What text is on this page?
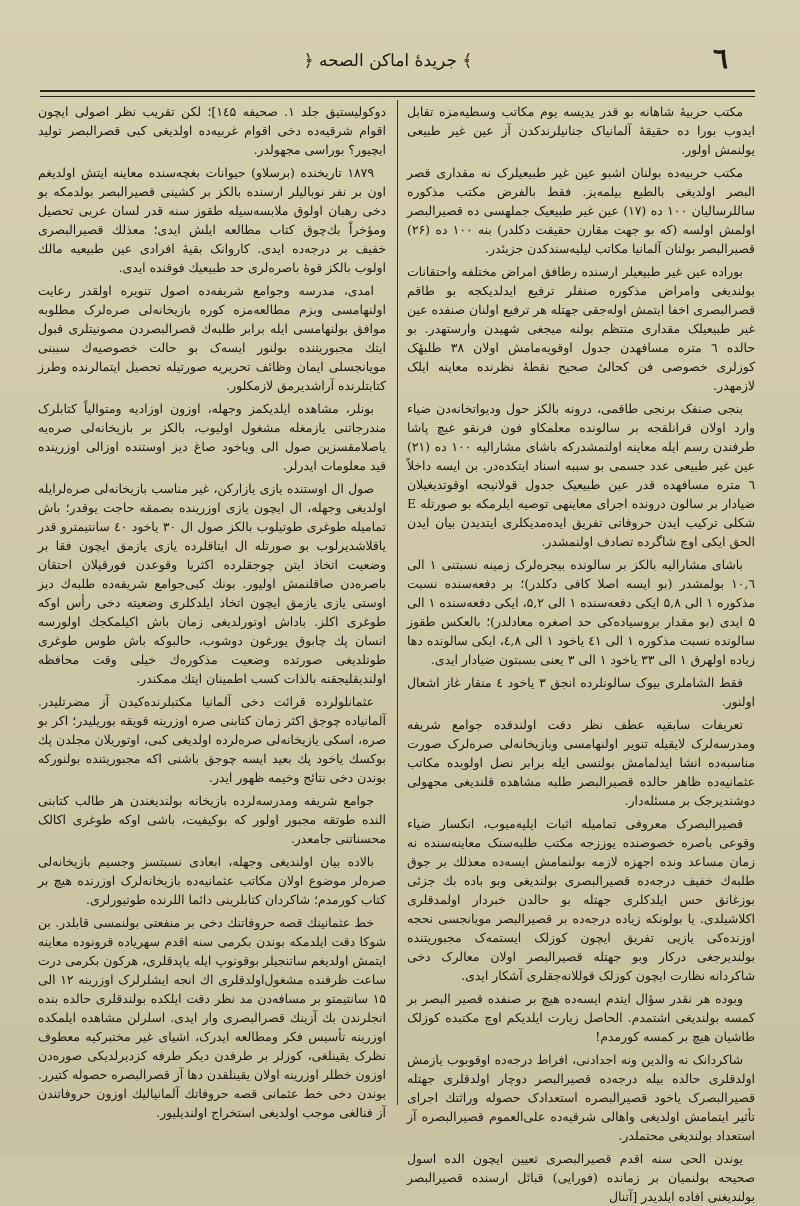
٦
﴿ جريدهٔ اماکن الصحه ﴾

مکتب حربیهٔ شاهانه بو قدر یدیسه یوم مکاتب وسطیه‌مزه تقابل ایدوب بورا ده حقیقهٔ آلمانیاک جنانیلرندکدن آز عین غیر طبیعی یولنمش اولور.

مکتب حربیه‌ده بولنان اشبو عین غیر طبیعیلرک نه مقداری قصر البصر اولدیغی بالطبع بیلمه‌یز. فقط بالفرض مکتب مذکوره ساللرسالیان ۱۰۰ ده (۱۷) عین غیر طبیعیک جملهسی ده قصیرالبصر اولمش اولسه (که بو جهت مقارن حقیقت دکلدر) بنه ۱۰۰ ده (۲۶) قصیرالبصر بولنان آلمانیا مکاتب لیلیه‌سندکدن جزیئدر.

بوراده عین غیر طبیعیلر ارسنده رطافق امراض مختلفه واحتقانات بولندیغی وامراض مذکوره صنفلر ترفیع ایدلدیکجه بو طاقم قصرالبصری اخفا ایتمش اوله‌جقی جهتله هر ترفیع اولنان صنفده عین غیر طبیعیلک مقداری منتظم بولنه میجغی شهیدن وارستهدر. بو حالده ٦ متره مسافهدن جدول اوقویه‌مامش اولان ۳۸ طلبهٔک کوزلری خصوصی فن کحالیٔ صحیح نقطهٔ نظرنده معاینه ایلک لازمهدر.

بنجی صنفک برنجی طاقمی، درونه بالکز حول ودیواتخانه‌دن ضیاء وارد اولان قرانلقجه بر سالونده معلمکاو فون فرنقو غیچ پاشا طرفندن رسم ایله معاینه اولنمشدرکه باشای مشارالیه ۱۰۰ ده (۲۱) عین غیر طبیعی عدد جسمی بو سببه اسناد ایتکده‌در. بن ایسه داخلاً ٦ متره مسافهده قدر عین طبیعیک جدول قولانیجه اوقوتدیغیلان ضیادار بر سالون درونده اجرای معاینهی توصیه ایلرمکه بو صورتله E شکلی ترکیب ایدن حروفاتی تفریق ایده‌مدیکلری ایتدیدن بیان ایدن الحق ایکی اوچ شاگرده تصادف اولنمشدر.

باشای مشارالیه بالکز بر سالونده بیجره‌لرک زمینه نسبتنی ۱ الی ۱۰,٦ بولمشدر (بو ایسه اصلا کافی دکلدر)؛ بر دفعه‌سنده نسبت مذکوره ۱ الی ۵,۸ ایکی دفعه‌سنده ۱ الی ۵,۲، ایکی دفعه‌سنده ۱ الی ۵ ایدی (بو مقدار بروسیاده‌کی حد اصغره معادلدر)؛ بالعکس طقوز سالونده نسبت مذکوره ۱ الی ٤۱ یاخود ۱ الی ٤,۸، ایکی سالونده دها زیاده اولهرق ۱ الی ۳۳ یاخود ۱ الی ۳ یعنی بسبتون ضیادار ایدی.

فقط الشاملری بیوک سالونلرده انجق ۳ یاخود ٤ منقار غاز اشعال اولنور.

تعریفات سابقیه عطف نظر دقت اولندقده جوامع شریفه ومدرسه‌لرک لایقیله تنویر اولنهامسی وبازیخانه‌لی صره‌لرک صورت مناسبه‌ده انشا ایدلمامش بولنسی ایله برابر نصل اولوبده مکاتب عثمانیه‌ده ظاهر حالده قصیرالبصر طلبه مشاهده قلندیغی مجهولی دوشندیرجک بر مسئله‌دار.

قصیرالبصرک معروفی تمامیله اثبات ایلیه‌میوب، انکسار ضیاء وقوعی باصره خصوصنده یوززجه مکتب طلبه‌سنک معاینه‌سنده نه زمان مساعد ونده اجهزه لازمه بولنمامش ایسه‌ده معذلك بر جوق طلبه‌ك خفیف درجه‌ده قصیرالبصری بولندیغی وبو باده بك جزئی بوزغانق حس ایلدکلری جهتله بو حالدن خبردار اولمدقلری اکلاشیلدی. یا بولونکه زیاده درجه‌ده بر قصیرالبصر مویانجسی نحجه اوزنده‌کی یازیی تفریق ایچون کوزلک ایستمه‌ک مجبوریتنده بولندیرجغی درکار وبو جهتله قصیرالبصر اولان معالرک دخی شاکردانه نظارت ایچون کوزلک قوللانه‌جقلری آشکار ایدی.

وبوده هر نقدر سؤال ایتدم ایسه‌ده هیچ بر صنفده قصیر البصر بر کمسه بولندیغی اشتمدم. الحاصل زیارت ایلدیکم اوچ مکتبده کوزلک طاشیان هیچ بر کمسه کورمدم!

شاکردانک نه والدین ونه اجدادنی، افراط درجه‌ده اوقوبوب یازمش اولدقلری حالده بیله درجه‌ده قصیرالبصر دوچار اولدقلری جهتله قصیرالبصرک یاخود قصیرالبصره استعدادک حصوله وراثتك اجرای تأثیر ایتمامش اولدیغی واهالی شرقیه‌ده علی‌العموم قصیرالبصره آز استعداد بولندیغی محتملدر.

یوندن الحی سنه اقدم قصیرالبصری تعیین ایچون الده اسول صحیحه بولنمیان بر زمانده (فورایی) قبائل ارسنده قصیرالبصر بولندیغنی افاده ایلدیدر [آتنال

دوکولیستیق جلد ۱. صحیفه ۱٤۵]؛ لکن تقریب نظر اصولی ایچون اقوام شرقیه‌ده دخی اقوام غربیه‌ده اولدیغی کبی قصرالبصر تولید ایچیور؟ بوراسی مجهولدر.

۱۸۷۹ تاریخنده (برسلاو) حیوانات بغچه‌سنده معاینه ایتش اولدیغم اون بر نفر نوبالیلر ارسنده بالکز بر کشینی قصیرالبصر بولدمکه بو دخی رهبان اولوق ملابسه‌سیله طقوز سنه قدر لسان عربی تحصیل ومؤخراً بك‌چوق کتاب مطالعه ایلش ایدی؛ معذلك قصیرالبصری خفیف بر درجه‌ده ایدی. کاروانک بقیهٔ افرادی عین طبیعیه مالك اولوب بالکز قوهٔ باصره‌لری حد طبیعیك فوقنده ایدی.

امدی، مدرسه وجوامع شریفه‌ده اصول تنویره اولقدر رعایت اولنهامسی وبزم مطالعه‌مزه کوره بازیخانه‌لی صره‌لرک مطلوبه موافق بولنهامسی ایله برابر طلبه‌ك قصرالبصردن مصونیتلری قبول ایتك مجبوریتنده بولنور ایسه‌ک بو حالت خصوصیه‌ك سببنی مویانجسلی ایمان وظائف تحریریه صورتیله تحصیل ایتمالرنده وطرز کتابتلرنده آراشدیرمق لازمکلور.

بونلر، مشاهده ایلدیکمز وجهله، اوزون اوزادیه ومتوالیاً کتابلرک مندرجاتنی یازمغله مشغول اولیوب، بالکز بر بازیخانه‌لی صره‌یه یاصلامقسزین صول الی ویاخود صاغ دیز اوستنده اوزالی اوزرینده قید معلومات ایدرلر.

صول ال اوستنده یازی یازارکن، غیر مناسب بازیخانه‌لی صره‌لرایله اولدیغی وجهله، ال ایچون یازی اوزرینده بصمقه حاجت یوقدر؛ باش تمامیله طوغری طوتیلوب بالکز صول ال ۳۰ یاخود ٤۰ سانتیمترو قدر یاقلاشدیرلوب بو صورتله ال ایتاقلرده یازی یازمق ایچون فقا بر وضعیت اتخاذ ایتن چوجقلرده اکثریا وقوعدن فورقیلان احتقان باصره‌دن صاقلنمش اولیور. بونك کبی‌جوامع شریفه‌ده طلبه‌ك دیز اوستی یازی یازمق ایچون اتخاذ ایلدکلری وضعیته دخی رأس اوکه طوغری اکلز. باداش اوتورلدیغی زمان باش اکیلمکجك اولورسه انسان پك چابوق یورغون دوشوب، حالبوکه باش طوس طوغری طوتلدیغی صورتده وضعیت مذکوره‌ك خیلی وقت محافظه اولندیقلیجقنه بالذات کسب اطمینان ایتك ممکندر.

عثمانلولرده قرائت دخی آلمانیا مکتبلرنده‌کیدن آز مضرتلیدر. آلمانیاده چوجق اکثر زمان کتابنی صره اوزرینه قویقه بوریلیدر؛ اکر بو صره، اسکی یازیخانه‌لی صره‌لرده اولدیغی کبی، اوتوریلان مجلدن پك بوکسك یاخود پك بعید ایسه چوجق باشنی اکه مجبوریتنده بولنورکه بوندن دخی نتائج وخیمه ظهور ایدر.

جوامع شریفه ومدرسه‌لرده بازیخانه بولندیغندن هر طالب کتابنی النده طوتقه مجبور اولور که بوکیفیت، باشی اوکه طوغری اکالک محسناتنی جامعدر.

بالاده بیان اولندیغی وجهله، ابعادی نسبتسز وجسیم بازیخانه‌لی صره‌لر موضوع اولان مکاتب عثمانیه‌ده بازیخانه‌لرک اوزرنده هیچ بر کتاب کورمدم؛ شاکردان کتابلرینی دائما اللرنده طوتیورلری.

خط عثمانینك قصه حروفاتنك دخی بر منفعتی بولنمسی قابلدر. بن شوکا دقت ایلدمکه بوندن بکرمی سنه اقدم سهریاده قرونوده معاینه ایتمش اولدیغم ساتنجیلر بوقونوپ ایله یاپدقلری، هرکون بکرمی درت ساعت ظرفنده مشغول‌اولدقلری اك انجه ایشلرلرک اوزرینه ۱۲ الی ۱۵ سانتیمتو بر مسافه‌دن مد نظر دقت ایلکده بولندقلری حالده بنده انجلرندن بك آزینك قصرالبصری وار ایدی. اسلرلن مشاهده ایلمکده اوزرینه تأسیس فکر ومطالعه ایدرک، اشیای غیر مختبرکیه معطوف نظرک یقینلغی، کوزلر بر طرفدن دیکر طرفه کزدیرلدیکی صوره‌دن اوزون خطلر اوزرینه اولان یقینلقدن دها آز قصرالبصره حصوله کتیرر. بوندن دخی خط عثمانی قصه حروفاتك آلمانیالیك اوزون حروفاتندن آز فنالغی موجب اولدیغی استخراج اولندیلیور.
